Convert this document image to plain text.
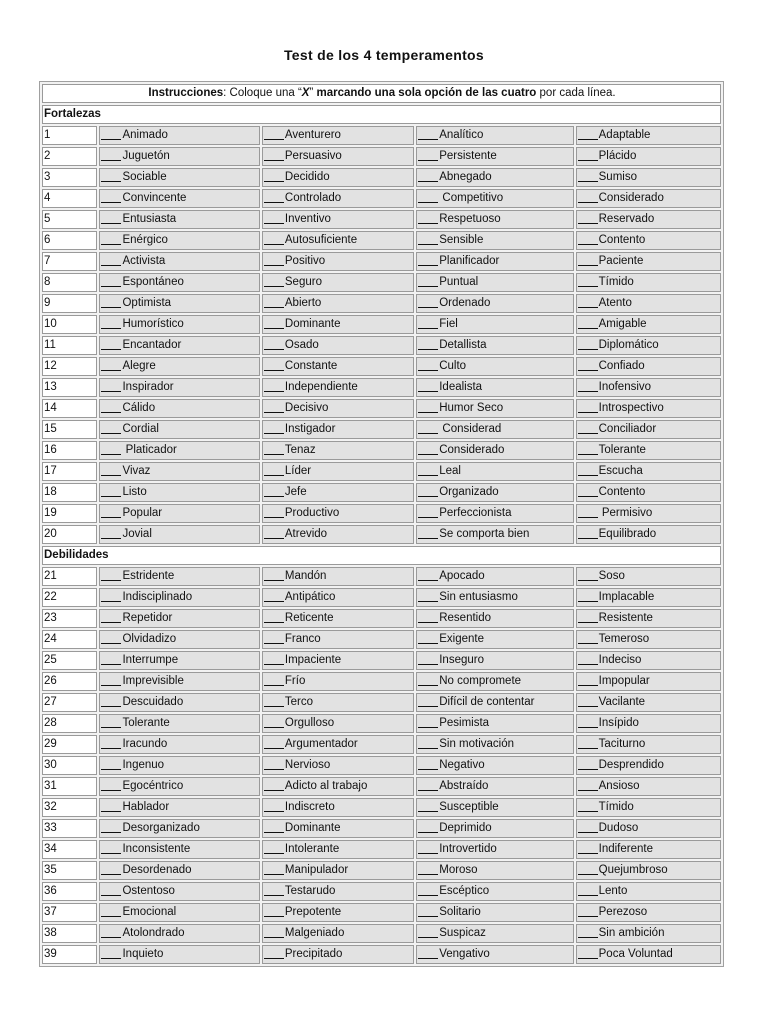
Test de los 4 temperamentos
Instrucciones: Coloque una “X” marcando una sola opción de las cuatro por cada línea.				
Fortalezas				
1	Animado	Aventurero	Analítico	Adaptable
2	Juguetón	Persuasivo	Persistente	Plácido
3	Sociable	Decidido	Abnegado	Sumiso
4	Convincente	Controlado	Competitivo	Considerado
5	Entusiasta	Inventivo	Respetuoso	Reservado
6	Enérgico	Autosuficiente	Sensible	Contento
7	Activista	Positivo	Planificador	Paciente
8	Espontáneo	Seguro	Puntual	Tímido
9	Optimista	Abierto	Ordenado	Atento
10	Humorístico	Dominante	Fiel	Amigable
11	Encantador	Osado	Detallista	Diplomático
12	Alegre	Constante	Culto	Confiado
13	Inspirador	Independiente	Idealista	Inofensivo
14	Cálido	Decisivo	Humor Seco	Introspectivo
15	Cordial	Instigador	Considerad	Conciliador
16	Platicador	Tenaz	Considerado	Tolerante
17	Vivaz	Líder	Leal	Escucha
18	Listo	Jefe	Organizado	Contento
19	Popular	Productivo	Perfeccionista	Permisivo
20	Jovial	Atrevido	Se comporta bien	Equilibrado
Debilidades				
21	Estridente	Mandón	Apocado	Soso
22	Indisciplinado	Antipático	Sin entusiasmo	Implacable
23	Repetidor	Reticente	Resentido	Resistente
24	Olvidadizo	Franco	Exigente	Temeroso
25	Interrumpe	Impaciente	Inseguro	Indeciso
26	Imprevisible	Frío	No compromete	Impopular
27	Descuidado	Terco	Difícil de contentar	Vacilante
28	Tolerante	Orgulloso	Pesimista	Insípido
29	Iracundo	Argumentador	Sin motivación	Taciturno
30	Ingenuo	Nervioso	Negativo	Desprendido
31	Egocéntrico	Adicto al trabajo	Abstraído	Ansioso
32	Hablador	Indiscreto	Susceptible	Tímido
33	Desorganizado	Dominante	Deprimido	Dudoso
34	Inconsistente	Intolerante	Introvertido	Indiferente
35	Desordenado	Manipulador	Moroso	Quejumbroso
36	Ostentoso	Testarudo	Escéptico	Lento
37	Emocional	Prepotente	Solitario	Perezoso
38	Atolondrado	Malgeniado	Suspicaz	Sin ambición
39	Inquieto	Precipitado	Vengativo	Poca Voluntad
